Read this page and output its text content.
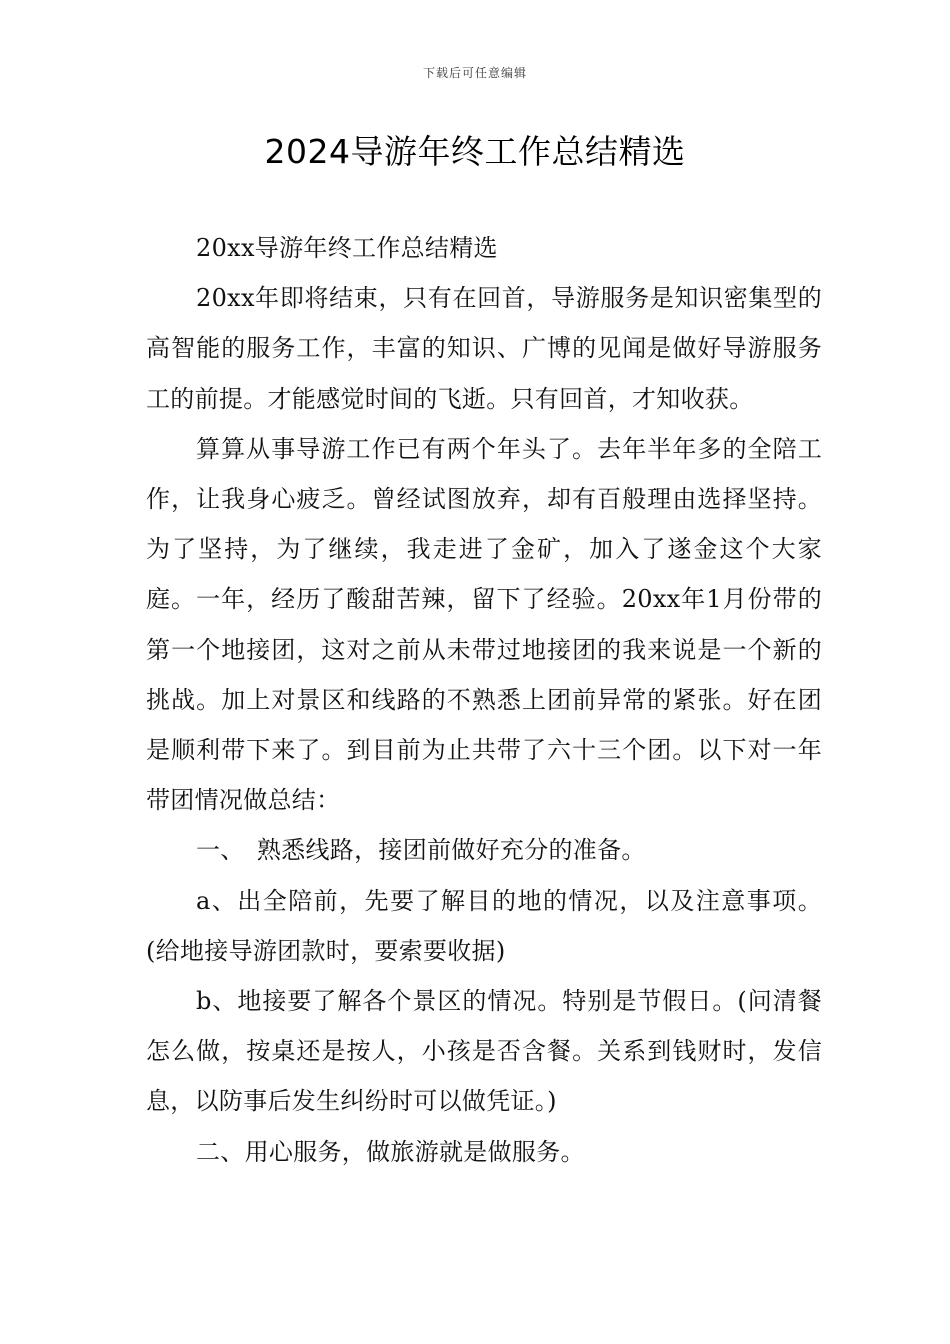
下载后可任意编辑
2024导游年终工作总结精选

20xx导游年终工作总结精选

20xx年即将结束，只有在回首，导游服务是知识密集型的高智能的服务工作，丰富的知识、广博的见闻是做好导游服务工的前提。才能感觉时间的飞逝。只有回首，才知收获。

算算从事导游工作已有两个年头了。去年半年多的全陪工作，让我身心疲乏。曾经试图放弃，却有百般理由选择坚持。为了坚持，为了继续，我走进了金矿，加入了遂金这个大家庭。一年，经历了酸甜苦辣，留下了经验。20xx年1月份带的第一个地接团，这对之前从未带过地接团的我来说是一个新的挑战。加上对景区和线路的不熟悉上团前异常的紧张。好在团是顺利带下来了。到目前为止共带了六十三个团。以下对一年带团情况做总结：

一、　熟悉线路，接团前做好充分的准备。

a、出全陪前，先要了解目的地的情况，以及注意事项。(给地接导游团款时，要索要收据)

b、地接要了解各个景区的情况。特别是节假日。(问清餐怎么做，按桌还是按人，小孩是否含餐。关系到钱财时，发信息，以防事后发生纠纷时可以做凭证。)

二、用心服务，做旅游就是做服务。
